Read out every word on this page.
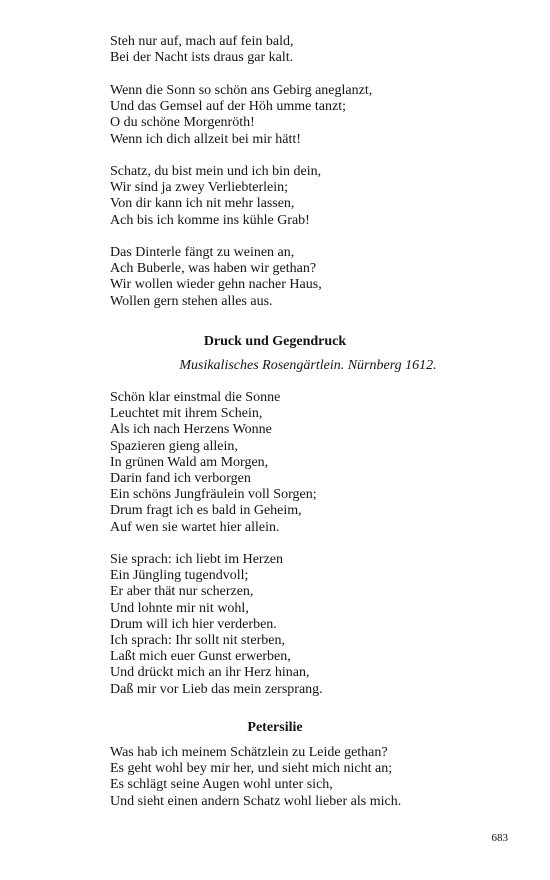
Steh nur auf, mach auf fein bald,

Bei der Nacht ists draus gar kalt.

Wenn die Sonn so schön ans Gebirg aneglanzt,

Und das Gemsel auf der Höh umme tanzt;

O du schöne Morgenröth!

Wenn ich dich allzeit bei mir hätt!

Schatz, du bist mein und ich bin dein,

Wir sind ja zwey Verliebterlein;

Von dir kann ich nit mehr lassen,

Ach bis ich komme ins kühle Grab!

Das Dinterle fängt zu weinen an,

Ach Buberle, was haben wir gethan?

Wir wollen wieder gehn nacher Haus,

Wollen gern stehen alles aus.

Druck und Gegendruck
Musikalisches Rosengärtlein. Nürnberg 1612.

Schön klar einstmal die Sonne

Leuchtet mit ihrem Schein,

Als ich nach Herzens Wonne

Spazieren gieng allein,

In grünen Wald am Morgen,

Darin fand ich verborgen

Ein schöns Jungfräulein voll Sorgen;

Drum fragt ich es bald in Geheim,

Auf wen sie wartet hier allein.

Sie sprach: ich liebt im Herzen

Ein Jüngling tugendvoll;

Er aber thät nur scherzen,

Und lohnte mir nit wohl,

Drum will ich hier verderben.

Ich sprach: Ihr sollt nit sterben,

Laßt mich euer Gunst erwerben,

Und drückt mich an ihr Herz hinan,

Daß mir vor Lieb das mein zersprang.

Petersilie

Was hab ich meinem Schätzlein zu Leide gethan?

Es geht wohl bey mir her, und sieht mich nicht an;

Es schlägt seine Augen wohl unter sich,

Und sieht einen andern Schatz wohl lieber als mich.

683
